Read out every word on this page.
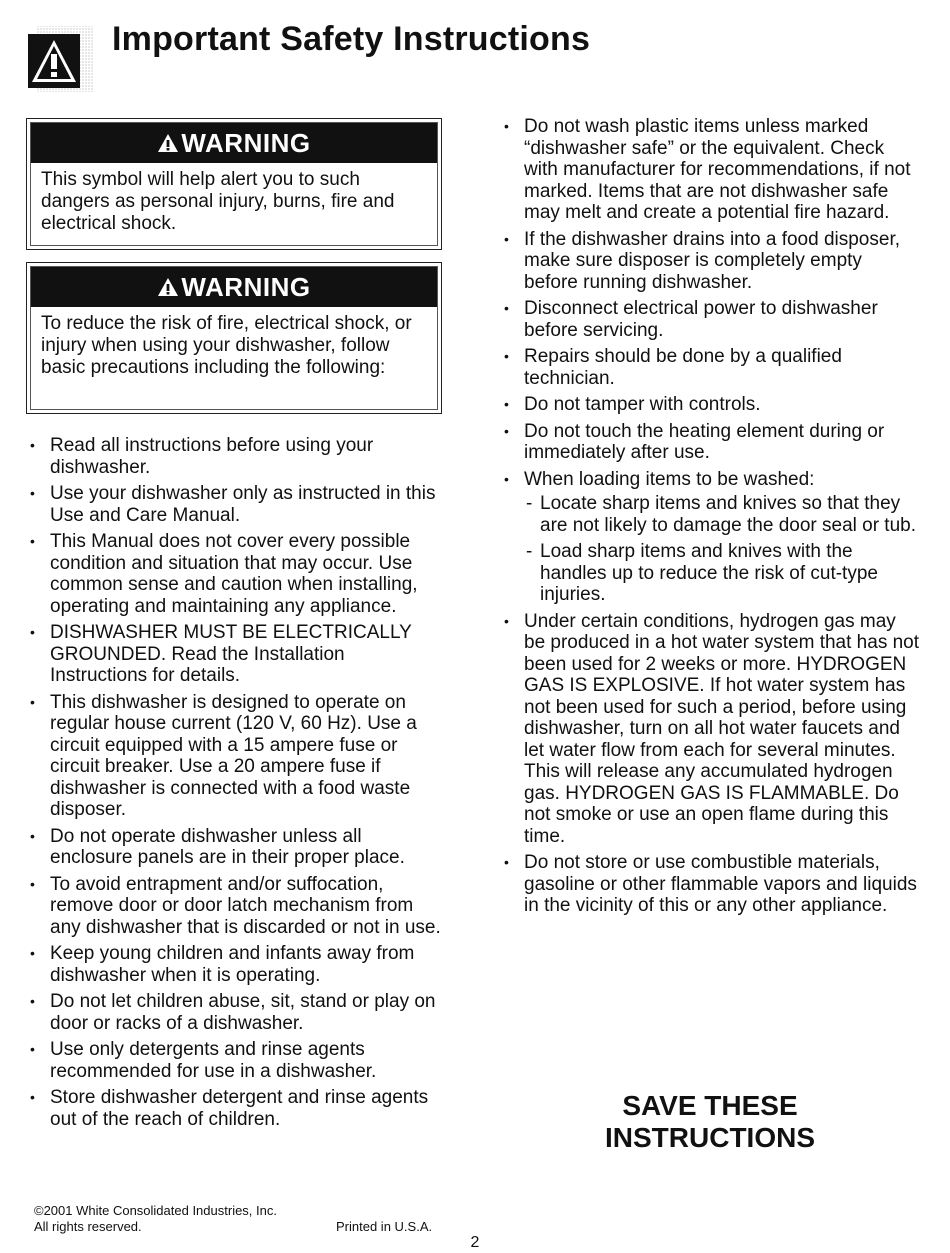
Important Safety Instructions
WARNING
This symbol will help alert you to such dangers as personal injury, burns, fire and electrical shock.
WARNING
To reduce the risk of fire, electrical shock, or injury when using your dishwasher, follow basic precautions including the following:
• Read all instructions before using your dishwasher.
• Use your dishwasher only as instructed in this Use and Care Manual.
• This Manual does not cover every possible condition and situation that may occur. Use common sense and caution when installing, operating and maintaining any appliance.
• DISHWASHER MUST BE ELECTRICALLY GROUNDED. Read the Installation Instructions for details.
• This dishwasher is designed to operate on regular house current (120 V, 60 Hz). Use a circuit equipped with a 15 ampere fuse or circuit breaker. Use a 20 ampere fuse if dishwasher is connected with a food waste disposer.
• Do not operate dishwasher unless all enclosure panels are in their proper place.
• To avoid entrapment and/or suffocation, remove door or door latch mechanism from any dishwasher that is discarded or not in use.
• Keep young children and infants away from dishwasher when it is operating.
• Do not let children abuse, sit, stand or play on door or racks of a dishwasher.
• Use only detergents and rinse agents recommended for use in a dishwasher.
• Store dishwasher detergent and rinse agents out of the reach of children.
• Do not wash plastic items unless marked “dishwasher safe” or the equivalent. Check with manufacturer for recommendations, if not marked. Items that are not dishwasher safe may melt and create a potential fire hazard.
• If the dishwasher drains into a food disposer, make sure disposer is completely empty before running dishwasher.
• Disconnect electrical power to dishwasher before servicing.
• Repairs should be done by a qualified technician.
• Do not tamper with controls.
• Do not touch the heating element during or immediately after use.
• When loading items to be washed:
- Locate sharp items and knives so that they are not likely to damage the door seal or tub.
- Load sharp items and knives with the handles up to reduce the risk of cut-type injuries.
• Under certain conditions, hydrogen gas may be produced in a hot water system that has not been used for 2 weeks or more. HYDROGEN GAS IS EXPLOSIVE. If hot water system has not been used for such a period, before using dishwasher, turn on all hot water faucets and let water flow from each for several minutes. This will release any accumulated hydrogen gas. HYDROGEN GAS IS FLAMMABLE. Do not smoke or use an open flame during this time.
• Do not store or use combustible materials, gasoline or other flammable vapors and liquids in the vicinity of this or any other appliance.
SAVE THESE
INSTRUCTIONS
©2001 White Consolidated Industries, Inc.
All rights reserved.	Printed in U.S.A.
2
